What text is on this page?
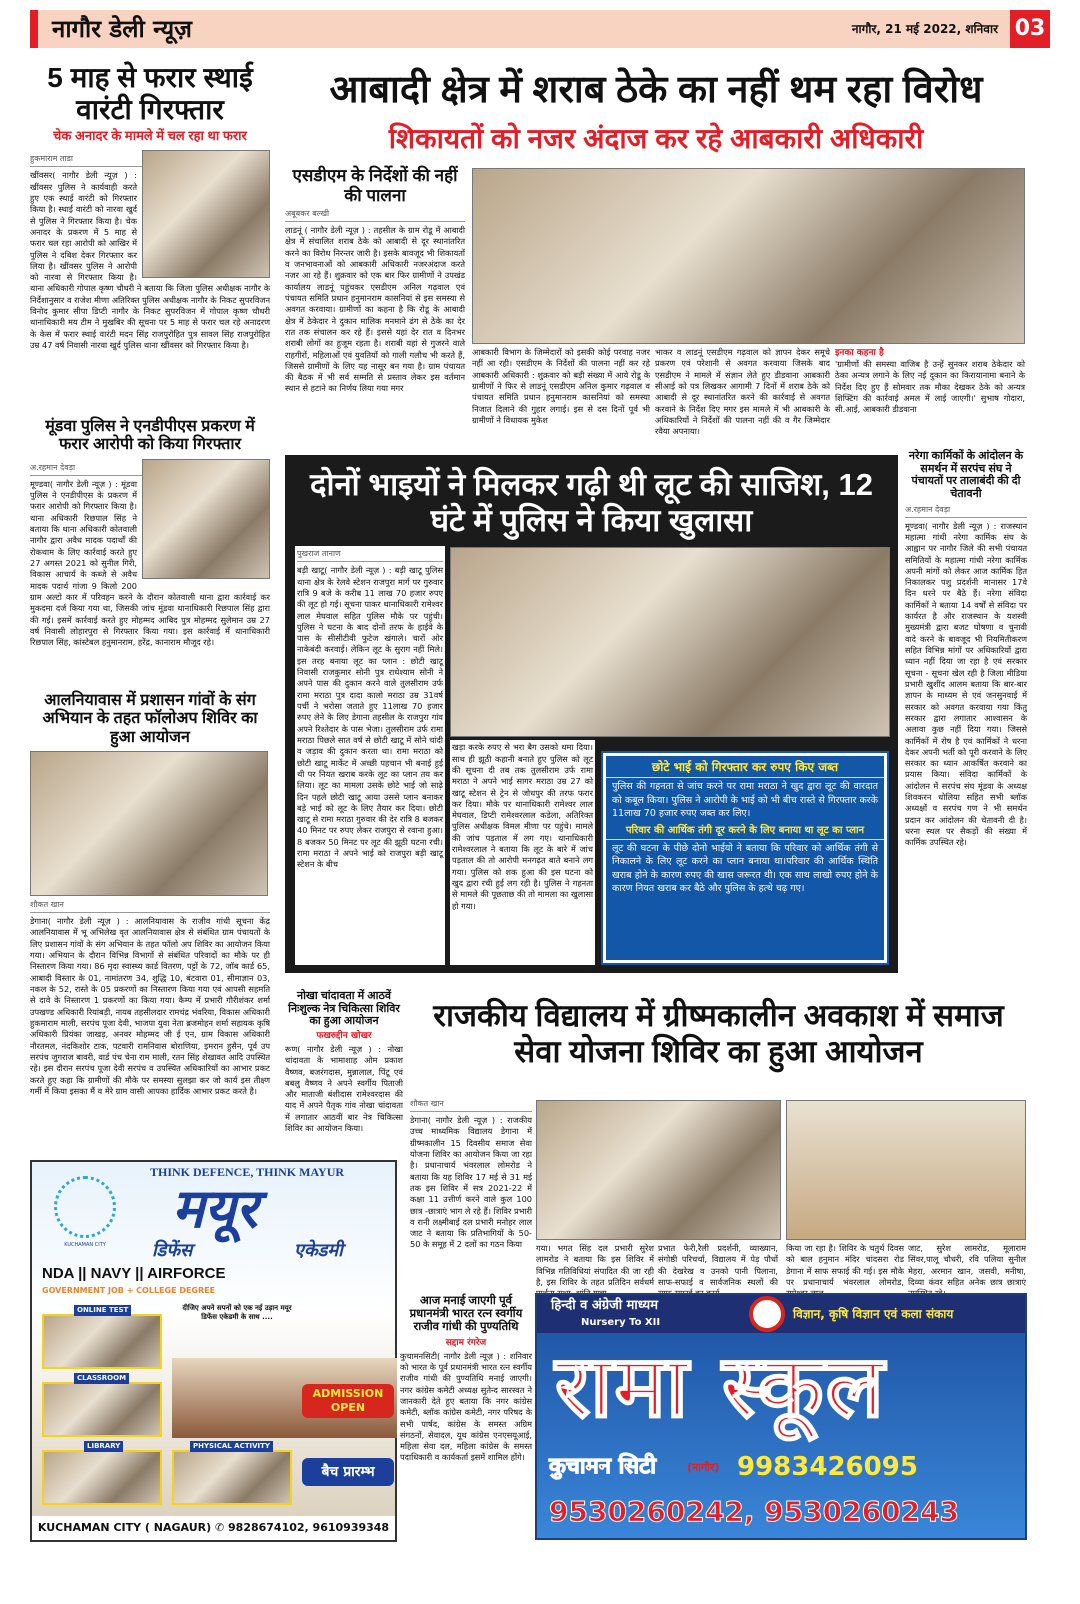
नागौर डेली न्यूज़	नागौर, 21 मई 2022, शनिवार 03
5 माह से फरार स्थाई वारंटी गिरफ्तार
चेक अनादर के मामले में चल रहा था फरार
हुकमाराम ताडा
खींवसर( नागौर डेली न्यूज़ ) : खींवसर पुलिस ने कार्यवाही करते हुए एक स्थाई वारंटी को गिरफ्तार किया है। स्थाई वारंटी को नारवा खुर्द से पुलिस ने गिरफ्तार किया है। चेक अनादर के प्रकरण में 5 माह से फरार चल रहा आरोपी को आखिर में पुलिस ने दबिश देकर गिरफ्तार कर लिया है। खींवसर पुलिस ने आरोपी को नारवा से गिरफ्तार किया है। थाना अधिकारी गोपाल कृष्ण चौधरी ने बताया कि जिला पुलिस अधीक्षक नागौर के निर्देशानुसार व राजेश मीणा अतिरिक्त पुलिस अधीक्षक नागौर के निकट सुपरविजन विनोद कुमार सीपा डिप्टी नागौर के निकट सुपरविजन में गोपाल कृष्ण चौधरी थानाधिकारी मय टीम ने मुखबिर की सूचना पर 5 माह से फरार चल रहे अनादरण के केस में फरार स्थाई वारंटी मदन सिंह राजपुरोहित पुत्र सावल सिंह राजपुरोहित उम्र 47 वर्ष निवासी नारवा खुर्द पुलिस थाना खींवसर को गिरफ्तार किया है।
मूंडवा पुलिस ने एनडीपीएस प्रकरण में फरार आरोपी को किया गिरफ्तार
अ.रहमान देवड़ा
मूण्डवा( नागौर डेली न्यूज़ ) : मूंडवा पुलिस ने एनडीपीएस के प्रकरण में फरार आरोपी को गिरफ्तार किया है। थाना अधिकारी रिछपाल सिंह ने बताया कि थाना अधिकारी कोतवाली नागौर द्वारा अवैध मादक पदार्थों की रोकथाम के लिए कार्रवाई करते हुए 27 अगस्त 2021 को सुनील गिरी, विकास आचार्य के कब्जे से अवैध मादक पदार्थ गांजा 9 किलो 200 ग्राम अल्टो कार में परिवहन करने के दौरान कोतवाली थाना द्वारा कार्रवाई कर मुकदमा दर्ज किया गया था, जिसकी जांच मूंडवा थानाधिकारी रिछपाल सिंह द्वारा की गई। इसमें कार्रवाई करते हुए मोहम्मद आबिद पुत्र मोहम्मद सुलेमान उम्र 27 वर्ष निवासी लोहारपुरा से गिरफ्तार किया गया। इस कार्रवाई में थानाधिकारी रिछपाल सिंह, कांस्टेबल हनुमानराम, हरेंद्र, कानाराम मौजूद रहे।
आलनियावास में प्रशासन गांवों के संग अभियान के तहत फॉलोअप शिविर का हुआ आयोजन
शौकत खान
डेगाना( नागौर डेली न्यूज़ ) : आलनियावास के राजीव गांधी सूचना केंद्र आलनियावास में भू अभिलेख वृत आलनियावास क्षेत्र से संबंधित ग्राम पंचायतों के लिए प्रशासन गांवों के संग अभियान के तहत फॉलो अप शिविर का आयोजन किया गया। अभियान के दौरान विभिन्न विभागों से संबंधित परिवादों का मौके पर ही निस्तारण किया गया। 86 मृदा स्वास्थ्य कार्ड वितरण, पट्टों के 72, जॉब कार्ड 65, आबादी विस्तार के 01, नामांतरण 34, शुद्धि 10, बंटवारा 01, सीमाज्ञान 03, नकल के 52, रास्ते के 05 प्रकरणों का निस्तारण किया गया एवं आपसी सहमति से दावे के निस्तारण 1 प्रकरणों का किया गया। कैम्प में प्रभारी गौरीशंकर शर्मा उपखण्ड अधिकारी रियांबड़ी, नायब तहसीलदार रामचंद्र भंवरिया, विकास अधिकारी हुकमाराम माली, सरपंच पूजा देवी, भाजपा युवा नेता ब्रजमोहन शर्मा सहायक कृषि अधिकारी प्रियंका जाखड़, अनवर मोहम्मद जी ई एन, ग्राम विकास अधिकारी नौरतमल, नंदकिशोर टाक, पटवारी रामनिवास बोराणिया, इमरान हुसैन, पूर्व उप सरपंच जुगराज बावरी, वार्ड पंच चेना राम माली, रतन सिंह शेखावत आदि उपस्थित रहे। इस दौरान सरपंच पूजा देवी सरपंच व उपस्थित अधिकारियों का आभार प्रकट करते हुए कहा कि ग्रामीणों की मौके पर समस्या सुलझा कर जो कार्य इस तीक्ष्ण गर्मी में किया इसका मैं व मेरे ग्राम वासी आपका हार्दिक आभार प्रकट करते है।
आबादी क्षेत्र में शराब ठेके का नहीं थम रहा विरोध
शिकायतों को नजर अंदाज कर रहे आबकारी अधिकारी
एसडीएम के निर्देशों की नहीं की पालना
अबूबकर बल्खी
लाडनूं ( नागौर डेली न्यूज़ ) : तहसील के ग्राम रोडू में आबादी क्षेत्र में संचालित शराब ठेके को आबादी से दूर स्थानांतरित करने का विरोध निरन्तर जारी है। इसके बावजूद भी शिकायतों व जनभावनाओं को आबकारी अधिकारी नजरअंदाज करते नजर आ रहे हैं। शुक्रवार को एक बार फिर ग्रामीणों ने उपखंड कार्यालय लाडनूं पहुंचकर एसडीएम अनिल गढ़वाल एवं पंचायत समिति प्रधान हनुमानराम कासनियां से इस समस्या से अवगत करवाया। ग्रामीणों का कहना है कि रोडू के आबादी क्षेत्र में ठेकेदार ने दुकान मालिक मनमाने ढंग से ठेके का देर रात तक संचालन कर रहे हैं। इससे यहां देर रात व दिनभर शराबी लोगों का हुजूम रहता है। शराबी यहां से गुजरने वाले राहगीरों, महिलाओं एवं युवतियों को गाली गलौच भी करते हैं, जिससे ग्रामीणों के लिए यह नासूर बन गया है। ग्राम पंचायत की बैठक में भी सर्व सम्मति से प्रस्ताव लेकर इस वर्तमान स्थान से हटाने का निर्णय लिया गया मगर
आबकारी विभाग के जिम्मेदारों को इसकी कोई परवाह नजर नहीं आ रही। एसडीएम के निर्देशों की पालना नहीं कर रहे आबकारी अधिकारी : शुक्रवार को बड़ी संख्या में आये रोडू के ग्रामीणों ने फिर से लाडनूं एसडीएम अनिल कुमार गढ़वाल व पंचायत समिति प्रधान हनुमानराम कासनियां को समस्या निजात दिलाने की गुहार लगाई। इस से दस दिनों पूर्व भी ग्रामीणों ने विधायक मुकेश
भाकर व लाडनूं एसडीएम गढ़वाल को ज्ञापन देकर समूचे प्रकरण एवं परेशानी से अवगत करवाया जिसके बाद एसडीएम ने मामले में संज्ञान लेते हुए डीडवाना आबकारी सीआई को पत्र लिखकर आगामी 7 दिनों में शराब ठेके को आबादी से दूर स्थानांतरित करने की कार्रवाई से अवगत करवाने के निर्देश दिए मगर इस मामले में भी आबकारी के अधिकारियों ने निर्देशों की पालना नहीं की व गैर जिम्मेदार रवैया अपनाया।
इनका कहना है
'ग्रामीणों की समस्या वाजिब है उन्हें सुनकर शराब ठेकेदार को ठेका अन्यत्र लगाने के लिए नई दुकान का किरायानामा बनाने के निर्देश दिए हुए हैं सोमवार तक मौका देखकर ठेके को अन्यत्र शिफ्टिंग की कार्रवाई अमल में लाई जाएगी।' सुभाष गोदारा, सी.आई, आबकारी डीडवाना
दोनों भाइयों ने मिलकर गढ़ी थी लूट की साजिश, 12 घंटे में पुलिस ने किया खुलासा
पुखराज तानाण
बड़ी खाटू( नागौर डेली न्यूज़ ) : बड़ी खाटू पुलिस थाना क्षेत्र के रेलवे स्टेशन राजपुरा मार्ग पर गुरुवार रात्रि 9 बजे के करीब 11 लाख 70 हजार रुपए की लूट हो गई। सूचना पाकर थानाधिकारी रामेश्वर लाल मेघवाल सहित पुलिस मौके पर पहुंची। पुलिस ने घटना के बाद दोनों तरफ के हाईवे के पास के सीसीटीवी फुटेज खंगाले। चारों ओर नाकेबंदी करवाई। लेकिन लूट के सुराग नहीं मिले। इस तरह बनाया लूट का प्लान : छोटी खाटू निवासी राजकुमार सोनी पुत्र राधेश्याम सोनी ने अपने पास की दुकान करने वाले तुलसीराम उर्फ रामा मराठा पुत्र दादा कालो मराठा उम्र 31वर्ष पर्ची ने भरोसा जताते हुए 11लाख 70 हजार रुपए लेने के लिए डेगाना तहसील के राजपुरा गांव अपने रिश्तेदार के पास भेजा। तुलसीराम उर्फ रामा मराठा पिछले सात वर्ष से छोटी खाटू में सोने चांदी व जड़ाव की दुकान करता था। रामा मराठा को छोटी खाटू मार्केट में अच्छी पहचान भी बनाई हुई थी पर नियत खराब करके लूट का प्लान तय कर लिया। लूट का मामला उसके छोटे भाई जो साढ़े दिन पहले छोटी खाटू आया उससे प्लान बनाकर बड़े भाई को लूट के लिए तैयार कर दिया। छोटी खाटू से रामा मराठा गुरुवार की देर रात्रि 8 बजकर 40 मिनट पर रुपए लेकर राजपुरा से रवाना हुआ। 8 बजकर 50 मिनट पर लूट की झूठी घटना रची। रामा मराठा ने अपने भाई को राजपुरा बड़ी खाटू स्टेशन के बीच
खड़ा करके रुपए से भरा बैग उसको थमा दिया। साथ ही झूठी कहानी बनाते हुए पुलिस को लूट की सूचना दी तब तक तुलसीराम उर्फ रामा मराठा ने अपने भाई सागर मराठा उम्र 27 को खाटू स्टेशन से ट्रेन से जोधपुर की तरफ फरार कर दिया। मौके पर थानाधिकारी रामेश्वर लाल मेघवाल, डिप्टी रामेश्वरलाल कडेला, अतिरिक्त पुलिस अधीक्षक विमल मीणा पर पहुंचे। मामले की जांच पड़ताल में लग गए। थानाधिकारी रामेश्वरलाल ने बताया कि लूट के बारे में जांच पड़ताल की तो आरोपी मनगढ़त बाते बनाने लग गया। पुलिस को शक हुआ की इस घटना को खुद द्वारा रची हुई लग रही है। पुलिस ने गहनता से मामले की पूछताछ की तो मामला का खुलासा हो गया।
छोटे भाई को गिरफ्तार कर रुपए किए जब्त

पुलिस की गहनता से जांच करने पर रामा मराठा ने खुद द्वारा लूट की वारदात को कबूल किया। पुलिस ने आरोपी के भाई को भी बीच रास्ते से गिरफ्तार करके 11लाख 70 हजार रुपए जब्त कर लिए।

परिवार की आर्थिक तंगी दूर करने के लिए बनाया था लूट का प्लान

लूट की घटना के पीछे दोनो भाईयो ने बताया कि परिवार को आर्थिक तंगी से निकालने के लिए लूट करने का प्लान बनाया था।परिवार की आर्थिक स्थिति खराब होने के कारण रुपए की खास जरूरत थी। एक साथ लाखो रुपए होने के कारण नियत खराब कर बैठे और पुलिस के हत्थे चढ़ गए।

नरेगा कार्मिकों के आंदोलन के समर्थन में सरपंच संघ ने पंचायतों पर तालाबंदी की दी चेतावनी
अ.रहमान देवड़ा
मूण्डवा( नागौर डेली न्यूज़ ) : राजस्थान महात्मा गांधी नरेगा कार्मिक संघ के आह्वान पर नागौर जिले की सभी पंचायत समितियों के महात्मा गांधी नरेगा कार्मिक अपनी मांगों को लेकर आज कार्मिक हित निकालकर पशु प्रदर्शनी मानासर 17वे दिन धरने पर बैठे हैं। नरेगा संविदा कार्मिकों ने बताया 14 वर्षों से संविदा पर कार्यरत है और राजस्थान के यशस्वी मुख्यमंत्री द्वारा बजट घोषणा व चुनावी वादे करने के बावजूद भी नियमितीकरण सहित विभिन्न मांगों पर अधिकारियों द्वारा ध्यान नहीं दिया जा रहा है एवं सरकार सूचना - सूचना खेल रही है जिला मीडिया प्रभारी खुशींद आलम बताया कि बार-बार ज्ञापन के माध्यम से एवं जनसुनवाई में सरकार को अवगत करवाया गया किंतु सरकार द्वारा लगातार आश्वासन के अलावा कुछ नहीं दिया गया। जिससे कार्मिकों में रोष है एवं कार्मिकों ने धरना देकर अपनी भर्ती को पूरी करवाने के लिए सरकार का ध्यान आकर्षित करवाने का प्रयास किया। संविदा कार्मिकों के आंदोलन में सरपंच संघ मूंडवा के अध्यक्ष शिवकरन धोलिया सहित सभी ब्लॉक अध्यक्षों व सरपंच गण ने भी समर्थन प्रदान कर आंदोलन की चेतावनी दी है। धरना स्थल पर सैकड़ों की संख्या में कार्मिक उपस्थित रहे।
नोखा चांदावता में आठवें निःशुल्क नेत्र चिकित्सा शिविर का हुआ आयोजन
फखरुद्दीन खोखर
रूण( नागौर डेली न्यूज़ ) : नोखा चांदावता के भामाशाह ओम प्रकाश वैष्णव, बजरंगदास, मुन्नालाल, पिंटू एवं बबलु वैष्णव ने अपने स्वर्गीय पिताजी और माताजी बंशीदास रामेश्वरदास की याद में अपने पैतृक गांव नोखा चांदावता में लगातार आठवीं बार नेत्र चिकित्सा शिविर का आयोजन किया।
राजकीय विद्यालय में ग्रीष्मकालीन अवकाश में समाज सेवा योजना शिविर का हुआ आयोजन
शौकत खान
डेगाना( नागौर डेली न्यूज़ ) : राजकीय उच्च माध्यमिक विद्यालय डेगाना में ग्रीष्मकालीन 15 दिवसीय समाज सेवा योजना शिविर का आयोजन किया जा रहा है। प्रधानाचार्य भंवरलाल लोमरोड ने बताया कि यह शिविर 17 मई से 31 मई तक इस शिविर में सत्र 2021-22 में कक्षा 11 उत्तीर्ण करने वाले कुल 100 छात्र -छात्राएं भाग ले रहे हैं। शिविर प्रभारी व रानी लक्ष्मीबाई दल प्रभारी मनोहर लाल जाट ने बताया कि प्रतिभागियों के 50-50 के समूह में 2 दलों का गठन किया	गया। भगत सिंह दल प्रभारी सुरेश लामरोड ने बताया कि इस शिविर में विभिन्न गतिविधियां संपादित की जा रही है, इस शिविर के तहत प्रतिदिन सर्वधर्म
प्रभात फेरी,रैली प्रदर्शनी, व्याख्यान, संगोष्ठी परिचर्चा, विद्यालय में पेड़ पौधों की देखरेख व उनको पानी पिलाना, साफ-सफाई व सार्वजनिक स्थलों की
किया जा रहा है। शिविर के चतुर्थ दिवस को बाल हनुमान मंदिर चांदसरा रोड डेगाना में साफ सफाई की गई। इस मौके पर प्रधानाचार्य भंवरलाल लोमरोड,
जाट, सुरेश लामरोड, मूलाराम सिंवर,पालू चौधरी, रवि पलिया सुनील मेहरा, अरमान खान, जसवी, मनीषा, दिव्या कंवर सहित अनेक छात्र छात्राएं
आज मनाई जाएगी पूर्व प्रधानमंत्री भारत रत्न स्वर्गीय राजीव गांधी की पुण्यतिथि
सद्दाम रंगरेज
कुचामनसिटी( नागौर डेली न्यूज़ ) : शनिवार को भारत के पूर्व प्रधानमंत्री भारत रत्न स्वर्गीय राजीव गांधी की पुण्यतिथि मनाई जाएगी। नगर कांग्रेस कमेटी अध्यक्ष सुतेन्द सारस्वत ने जानकारी देते हुए बताया कि नगर कांग्रेस कमेटी, ब्लॉक कांग्रेस कमेटी, नगर परिषद के सभी पार्षद, कांग्रेस के समस्त अग्रिम संगठनों, सेवादल, यूथ कांग्रेस एनएसयूआई, महिला सेवा दल, महिला कांग्रेस के समस्त पदाधिकारी व कार्यकर्ता इसमें शामिल होंगे।
KUCHAMAN CITY
THINK DEFENCE, THINK MAYUR
मयूर
डिफेंस	एकेडमी
NDA || NAVY || AIRFORCE
GOVERNMENT JOB + COLLEGE DEGREE
ONLINE TEST
CLASSROOM
LIBRARY	PHYSICAL ACTIVITY
दीजिए अपने सपनों को एक नई उड़ान मयूर डिफेंस एकेडमी के साथ ....
ADMISSION OPEN
बैच प्रारम्भ
KUCHAMAN CITY ( NAGAUR) ✆ 9828674102, 9610939348
हिन्दी व अंग्रेजी माध्यम
Nursery To XII
विज्ञान, कृषि विज्ञान एवं कला संकाय
रामा स्कूल
कुचामन सिटी	(नागौर) 9983426095
9530260242, 9530260243
